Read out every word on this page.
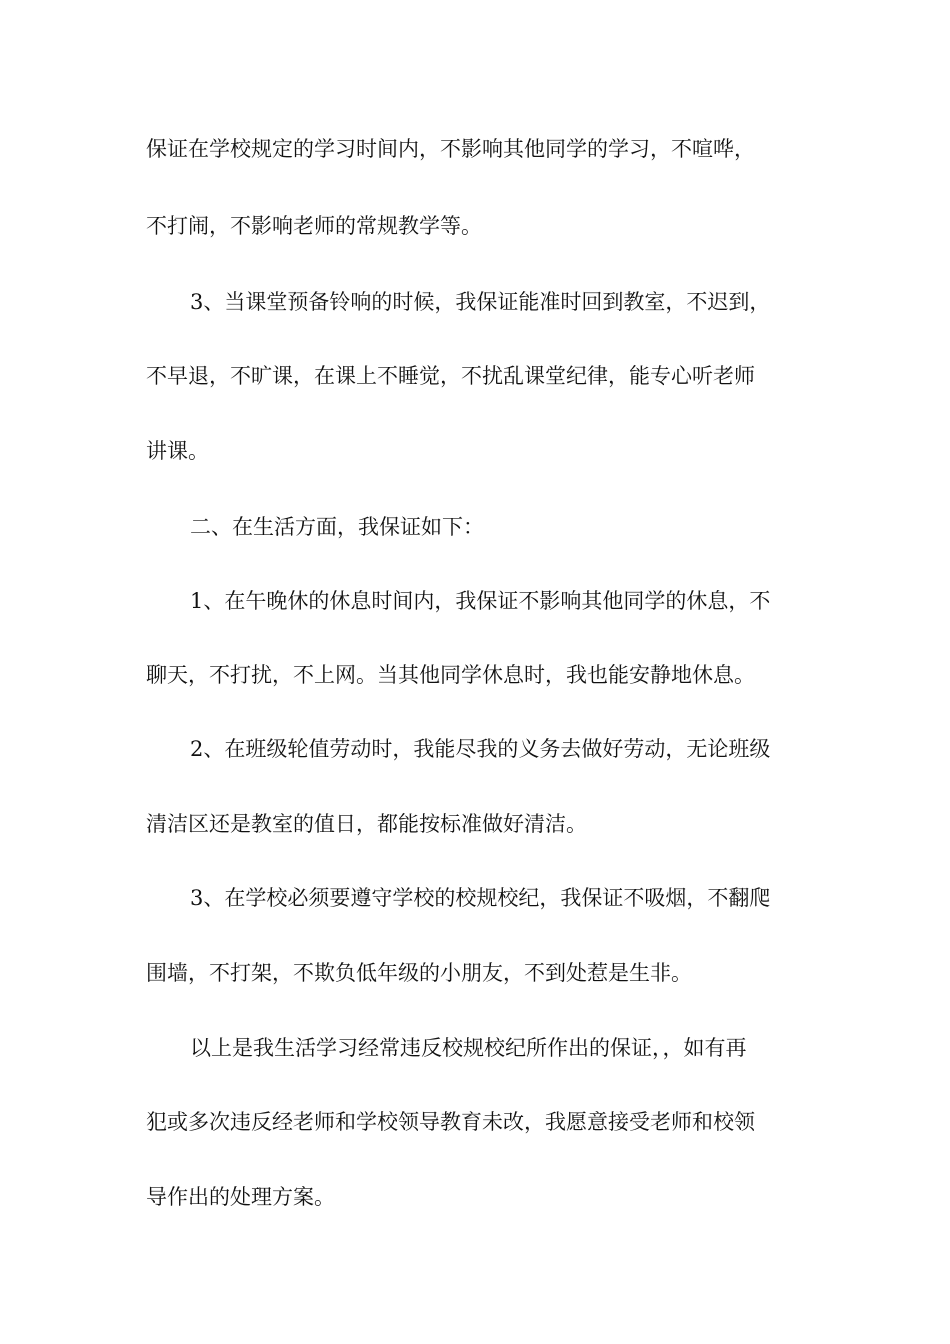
保证在学校规定的学习时间内，不影响其他同学的学习，不喧哗，
不打闹，不影响老师的常规教学等。
3、当课堂预备铃响的时候，我保证能准时回到教室，不迟到，
不早退，不旷课，在课上不睡觉，不扰乱课堂纪律，能专心听老师
讲课。
二、在生活方面，我保证如下：
1、在午晚休的休息时间内，我保证不影响其他同学的休息，不
聊天，不打扰，不上网。当其他同学休息时，我也能安静地休息。
2、在班级轮值劳动时，我能尽我的义务去做好劳动，无论班级
清洁区还是教室的值日，都能按标准做好清洁。
3、在学校必须要遵守学校的校规校纪，我保证不吸烟，不翻爬
围墙，不打架，不欺负低年级的小朋友，不到处惹是生非。
以上是我生活学习经常违反校规校纪所作出的保证，，如有再
犯或多次违反经老师和学校领导教育未改，我愿意接受老师和校领
导作出的处理方案。
